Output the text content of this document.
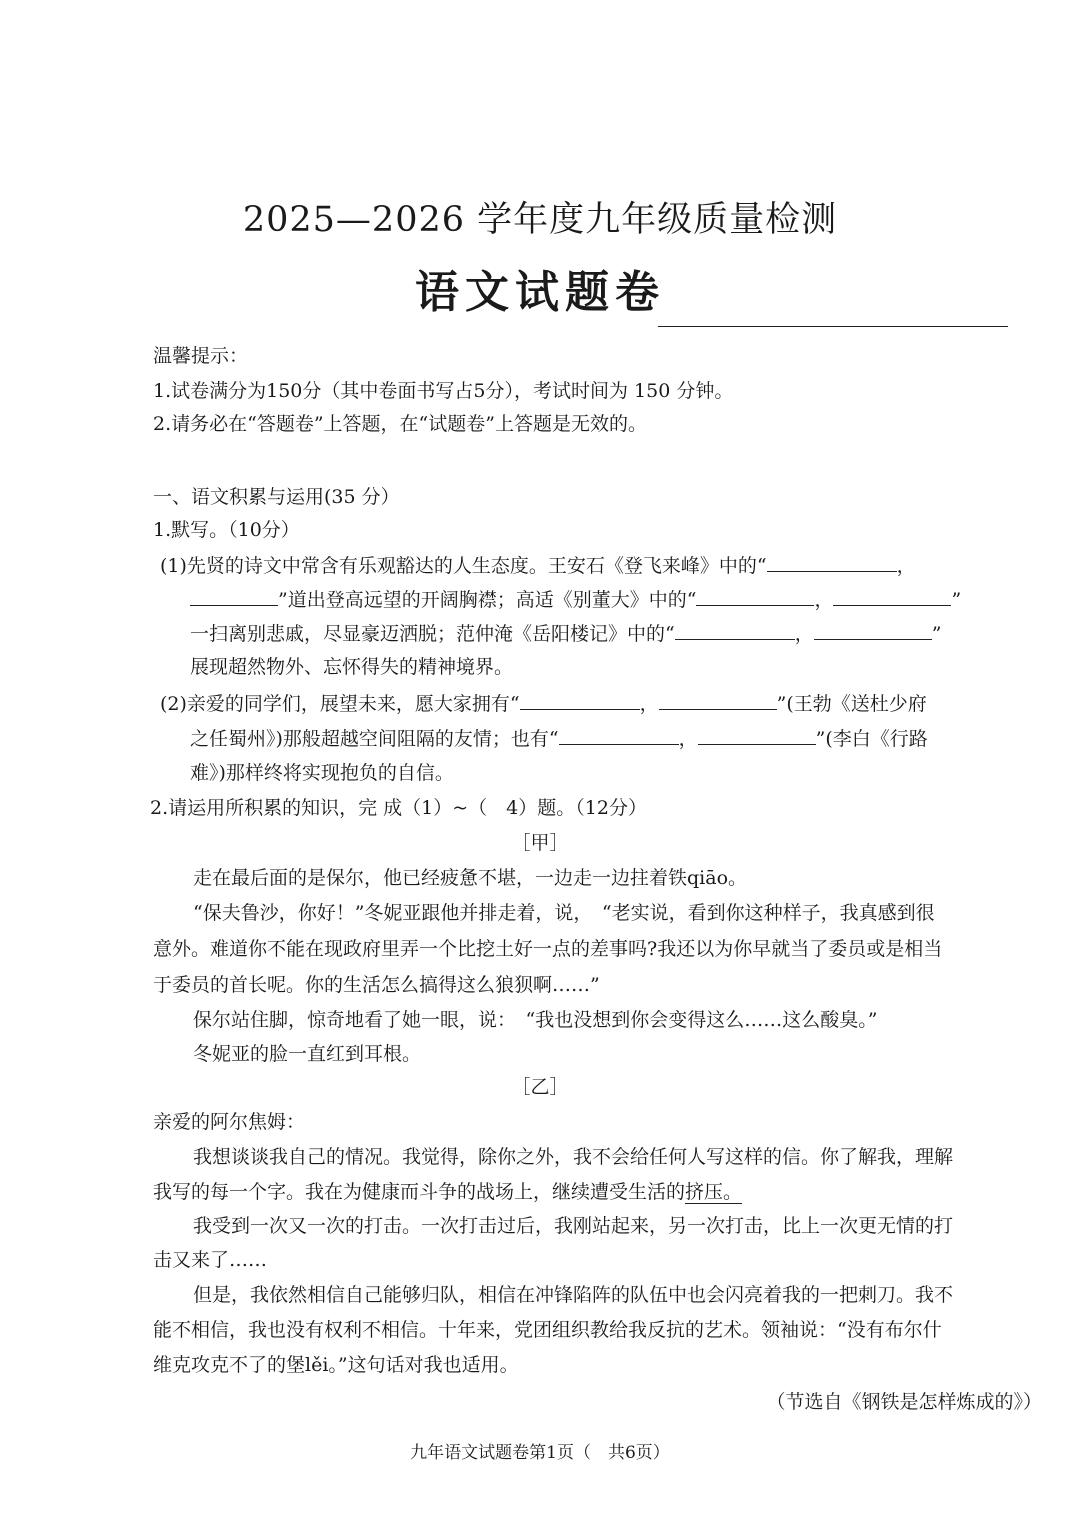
2025—2026 学年度九年级质量检测
语文试题卷
温馨提示：
1.试卷满分为150分（其中卷面书写占5分），考试时间为 150 分钟。
2.请务必在“答题卷”上答题，在“试题卷”上答题是无效的。
一、语文积累与运用(35 分）
1.默写。（10分）
(1)先贤的诗文中常含有乐观豁达的人生态度。王安石《登飞来峰》中的“	，
”道出登高远望的开阔胸襟；高适《别董大》中的“	，	”
一扫离别悲戚，尽显豪迈洒脱；范仲淹《岳阳楼记》中的“	，	”
展现超然物外、忘怀得失的精神境界。
(2)亲爱的同学们，展望未来，愿大家拥有“	，	”(王勃《送杜少府
之任蜀州》)那般超越空间阻隔的友情；也有“	，	”(李白《行路
难》)那样终将实现抱负的自信。
2.请运用所积累的知识，完 成（1）~（　4）题。（12分）
［甲］
走在最后面的是保尔，他已经疲惫不堪，一边走一边拄着铁qiāo。
“保夫鲁沙，你好！”冬妮亚跟他并排走着，说，　“老实说，看到你这种样子，我真感到很
意外。难道你不能在现政府里弄一个比挖土好一点的差事吗?我还以为你早就当了委员或是相当
于委员的首长呢。你的生活怎么搞得这么狼狈啊……”
保尔站住脚，惊奇地看了她一眼，说：　“我也没想到你会变得这么……这么酸臭。”
冬妮亚的脸一直红到耳根。
［乙］
亲爱的阿尔焦姆：
我想谈谈我自己的情况。我觉得，除你之外，我不会给任何人写这样的信。你了解我，理解
我写的每一个字。我在为健康而斗争的战场上，继续遭受生活的挤压。
我受到一次又一次的打击。一次打击过后，我刚站起来，另一次打击，比上一次更无情的打
击又来了……
但是，我依然相信自己能够归队，相信在冲锋陷阵的队伍中也会闪亮着我的一把刺刀。我不
能不相信，我也没有权利不相信。十年来，党团组织教给我反抗的艺术。领袖说：“没有布尔什
维克攻克不了的堡lěi。”这句话对我也适用。
（节选自《钢铁是怎样炼成的》）
九年语文试题卷第1页（　共6页）
